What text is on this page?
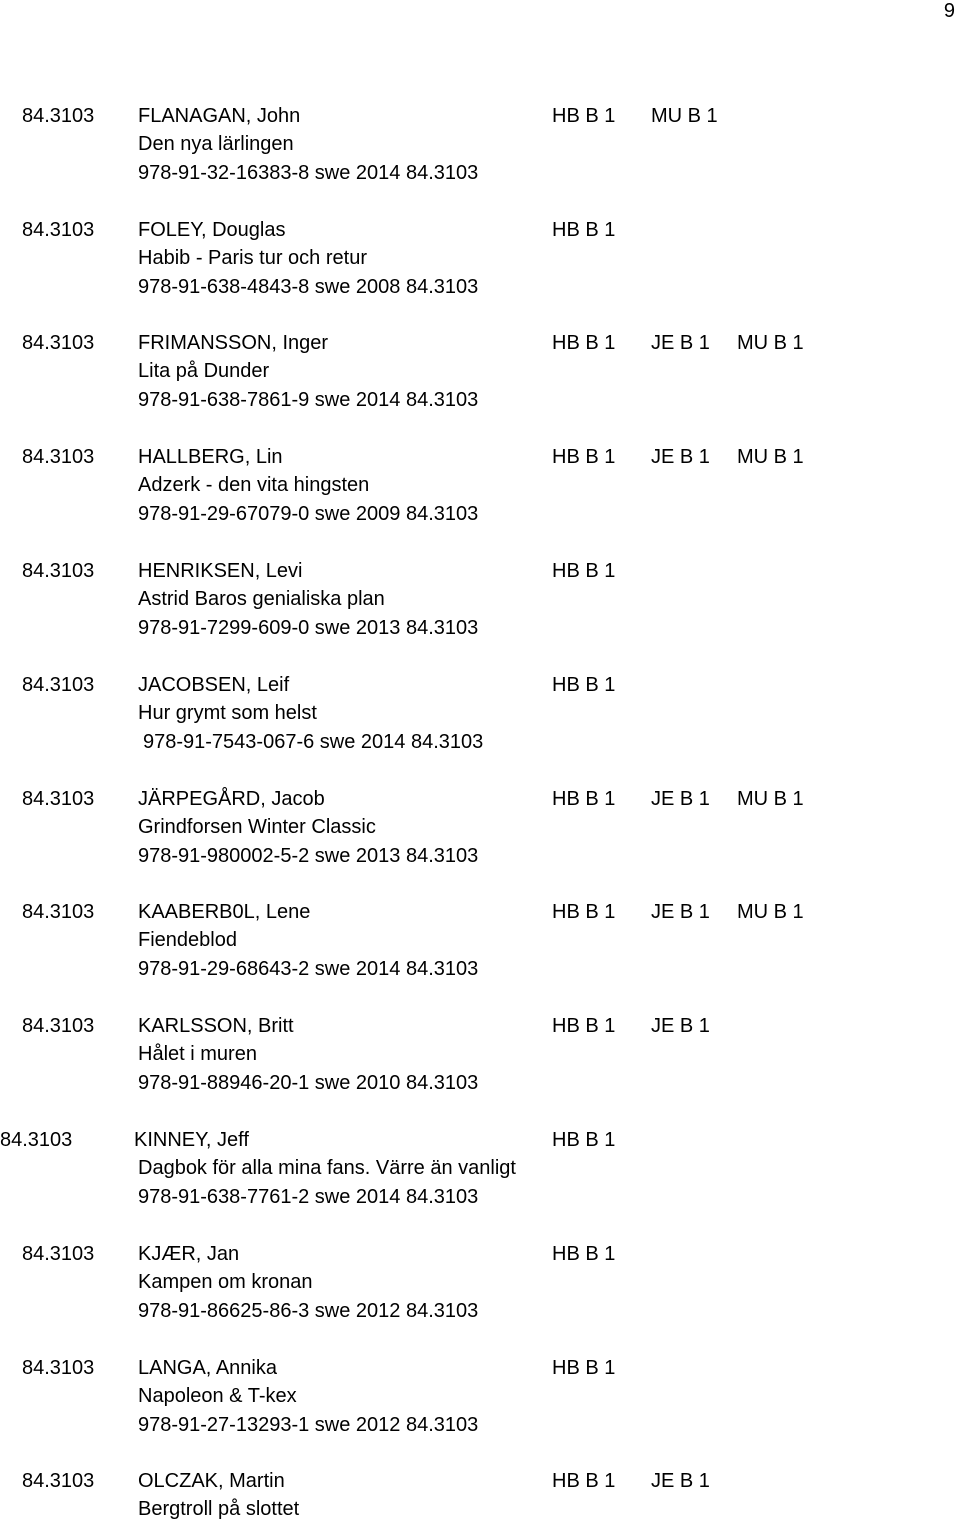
9
84.3103 FLANAGAN, John	HB B 1 MU B 1
Den nya lärlingen
978-91-32-16383-8 swe 2014 84.3103
84.3103 FOLEY, Douglas	HB B 1
Habib - Paris tur och retur
978-91-638-4843-8 swe 2008 84.3103
84.3103 FRIMANSSON, Inger	HB B 1 JE B 1 MU B 1
Lita på Dunder
978-91-638-7861-9 swe 2014 84.3103
84.3103 HALLBERG, Lin	HB B 1 JE B 1 MU B 1
Adzerk - den vita hingsten
978-91-29-67079-0 swe 2009 84.3103
84.3103 HENRIKSEN, Levi	HB B 1
Astrid Baros genialiska plan
978-91-7299-609-0 swe 2013 84.3103
84.3103 JACOBSEN, Leif	HB B 1
Hur grymt som helst
978-91-7543-067-6 swe 2014 84.3103
84.3103 JÄRPEGÅRD, Jacob	HB B 1 JE B 1 MU B 1
Grindforsen Winter Classic
978-91-980002-5-2 swe 2013 84.3103
84.3103 KAABERB0L, Lene	HB B 1 JE B 1 MU B 1
Fiendeblod
978-91-29-68643-2 swe 2014 84.3103
84.3103 KARLSSON, Britt	HB B 1 JE B 1
Hålet i muren
978-91-88946-20-1 swe 2010 84.3103
84.3103	KINNEY, Jeff	HB B 1
Dagbok för alla mina fans. Värre än vanligt
978-91-638-7761-2 swe 2014 84.3103
84.3103 KJÆR, Jan	HB B 1
Kampen om kronan
978-91-86625-86-3 swe 2012 84.3103
84.3103 LANGA, Annika	HB B 1
Napoleon & T-kex
978-91-27-13293-1 swe 2012 84.3103
84.3103 OLCZAK, Martin	HB B 1 JE B 1
Bergtroll på slottet
